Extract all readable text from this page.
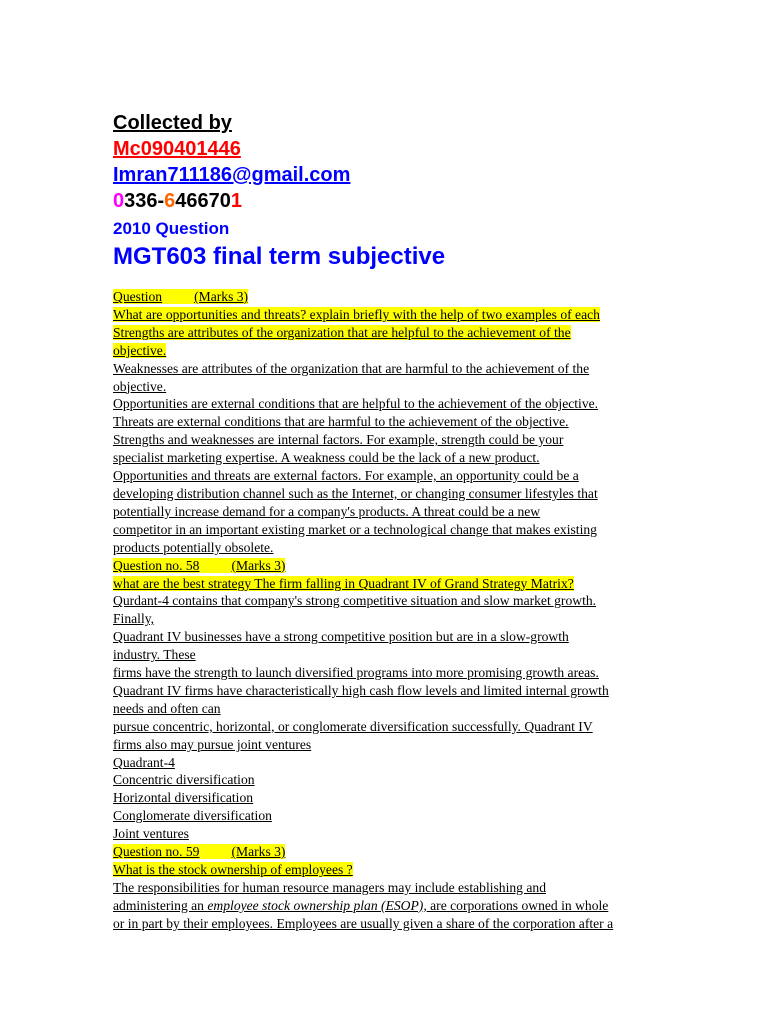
Collected by
Mc090401446
Imran711186@gmail.com
0336-6466701
2010 Question
MGT603 final term subjective
Question (Marks 3)
What are opportunities and threats? explain briefly with the help of two examples of each
Strengths are attributes of the organization that are helpful to the achievement of the
objective.
Weaknesses are attributes of the organization that are harmful to the achievement of the
objective.
Opportunities are external conditions that are helpful to the achievement of the objective.
Threats are external conditions that are harmful to the achievement of the objective.
Strengths and weaknesses are internal factors. For example, strength could be your
specialist marketing expertise. A weakness could be the lack of a new product.
Opportunities and threats are external factors. For example, an opportunity could be a
developing distribution channel such as the Internet, or changing consumer lifestyles that
potentially increase demand for a company's products. A threat could be a new
competitor in an important existing market or a technological change that makes existing
products potentially obsolete.
Question no. 58 (Marks 3)
what are the best strategy The firm falling in Quadrant IV of Grand Strategy Matrix?
Qurdant-4 contains that company's strong competitive situation and slow market growth.
Finally,
Quadrant IV businesses have a strong competitive position but are in a slow-growth
industry. These
firms have the strength to launch diversified programs into more promising growth areas.
Quadrant IV firms have characteristically high cash flow levels and limited internal growth
needs and often can
pursue concentric, horizontal, or conglomerate diversification successfully. Quadrant IV
firms also may pursue joint ventures
Quadrant-4
Concentric diversification
Horizontal diversification
Conglomerate diversification
Joint ventures
Question no. 59 (Marks 3)
What is the stock ownership of employees ?
The responsibilities for human resource managers may include establishing and
administering an employee stock ownership plan (ESOP), are corporations owned in whole
or in part by their employees. Employees are usually given a share of the corporation after a
